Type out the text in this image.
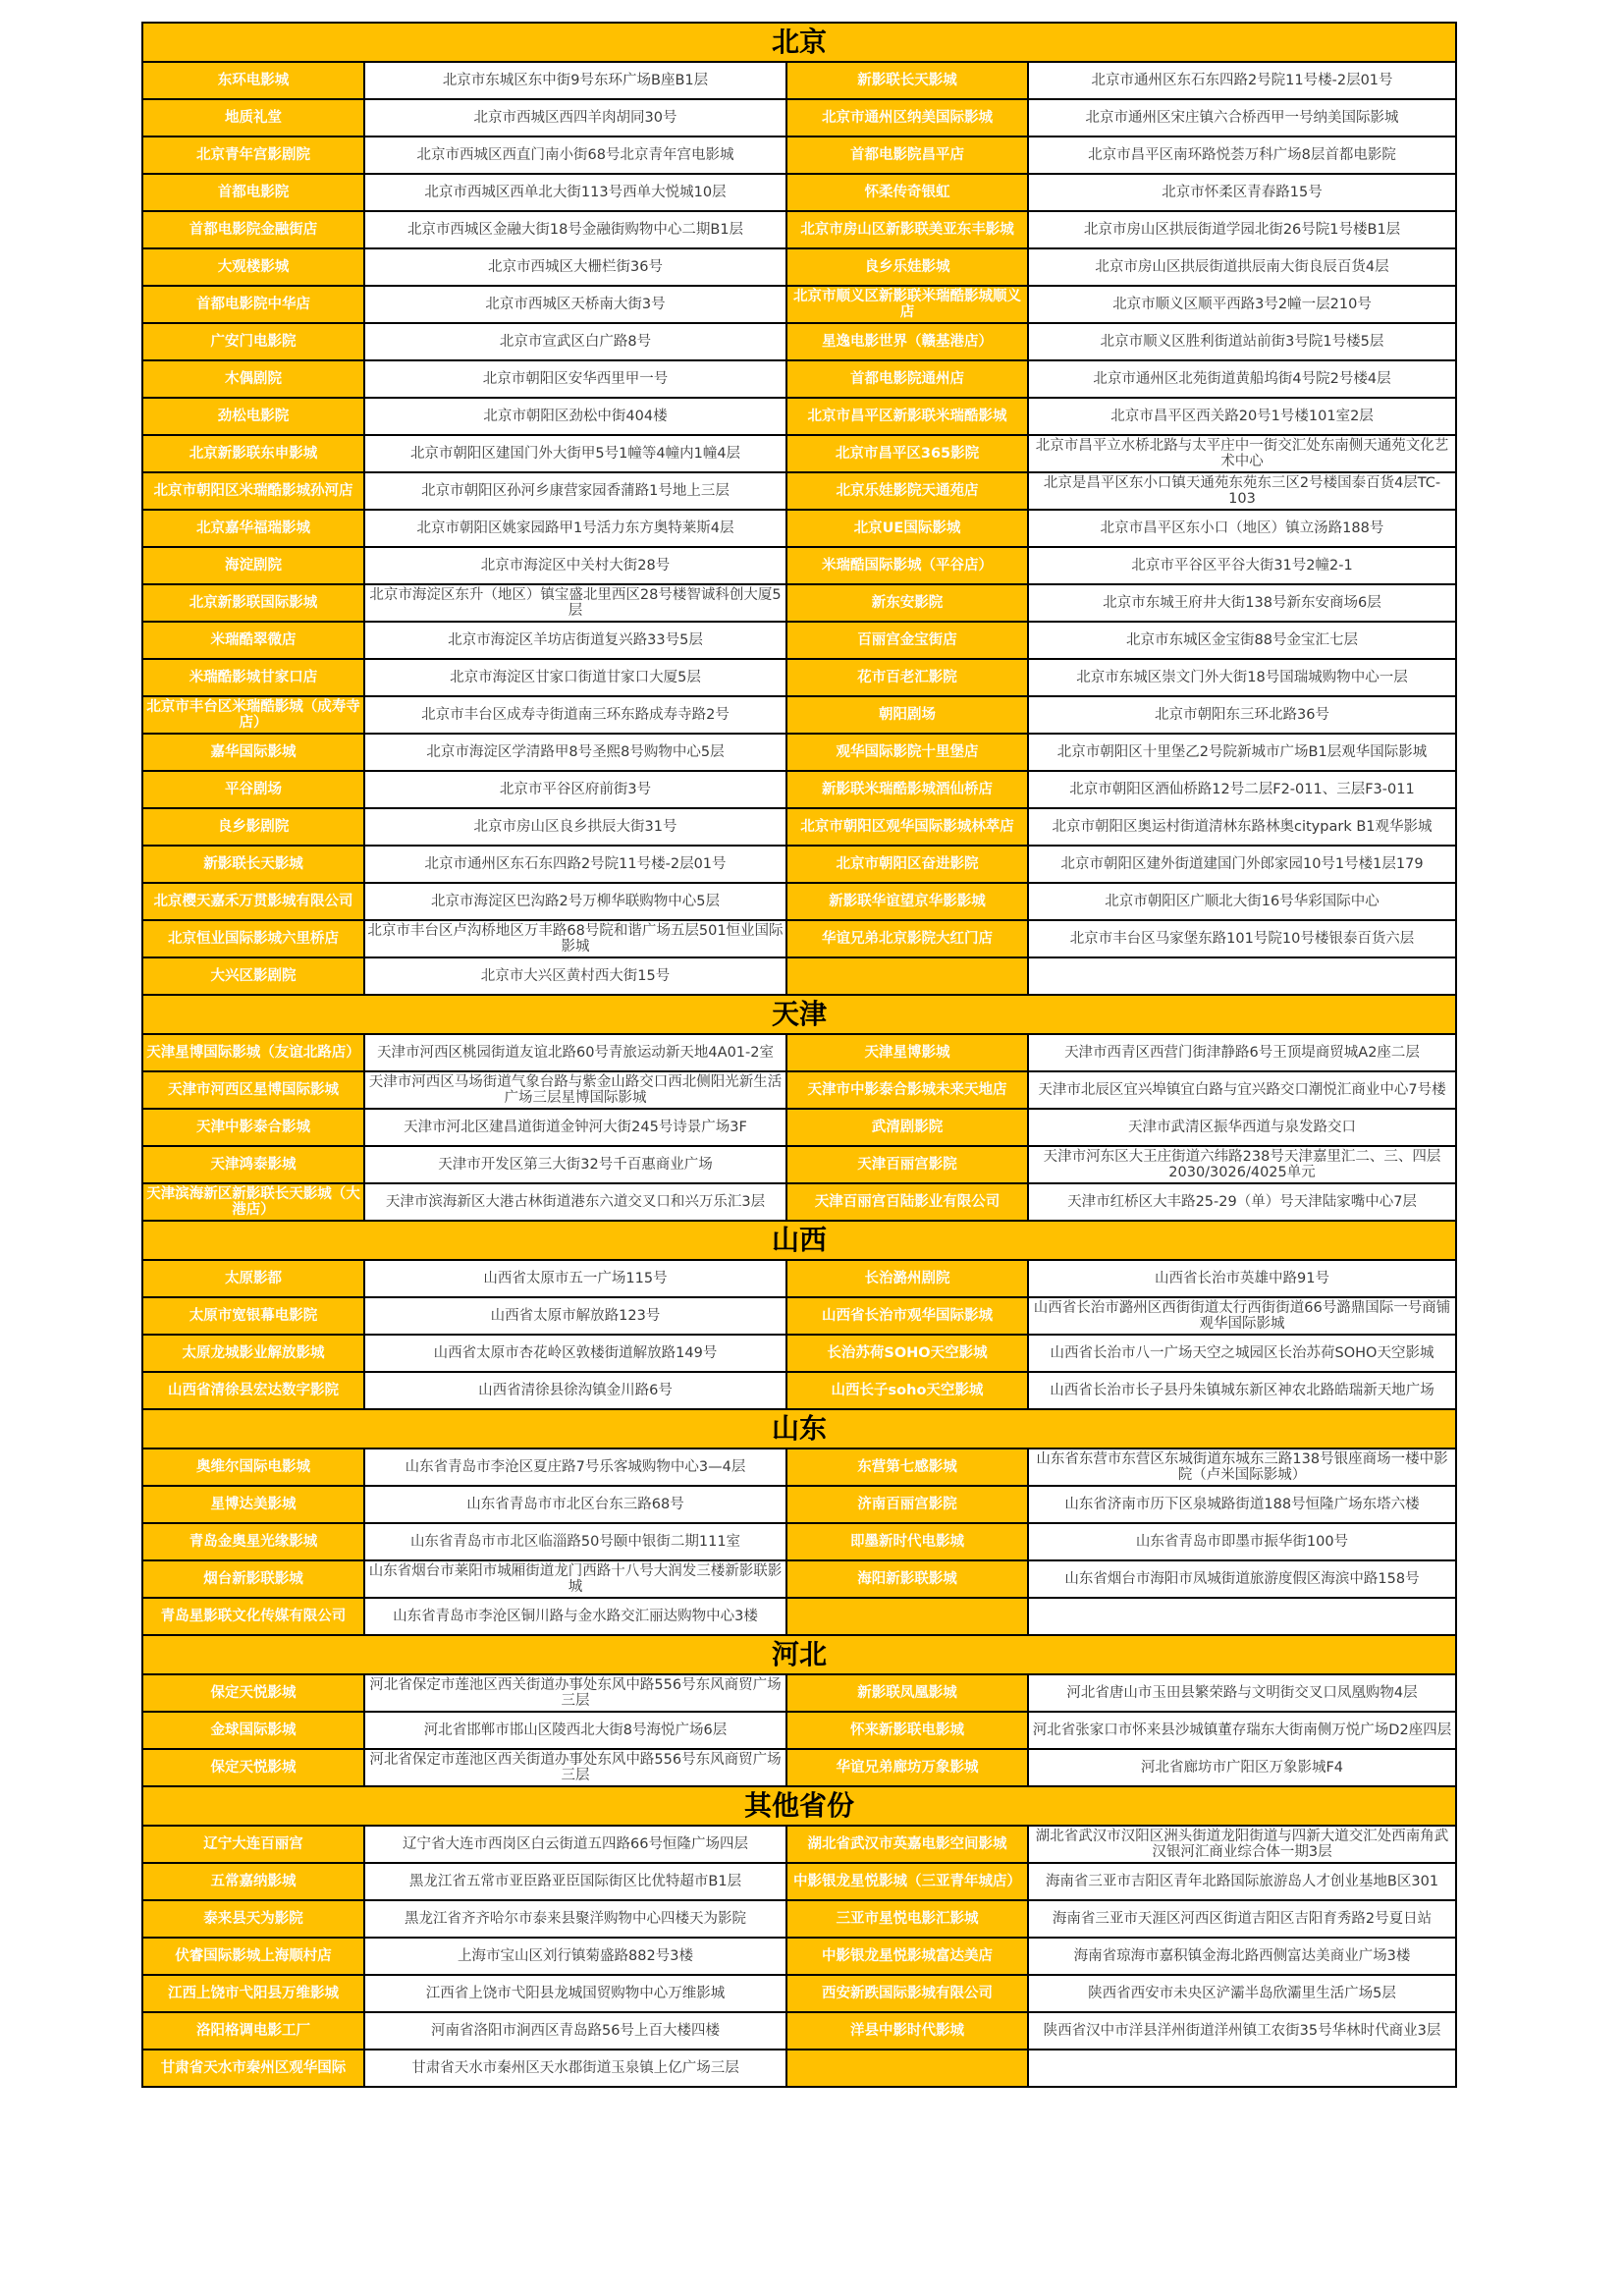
北京			
东环电影城	北京市东城区东中街9号东环广场B座B1层	新影联长天影城	北京市通州区东石东四路2号院11号楼-2层01号
地质礼堂	北京市西城区西四羊肉胡同30号	北京市通州区纳美国际影城	北京市通州区宋庄镇六合桥西甲一号纳美国际影城
北京青年宫影剧院	北京市西城区西直门南小街68号北京青年宫电影城	首都电影院昌平店	北京市昌平区南环路悦荟万科广场8层首都电影院
首都电影院	北京市西城区西单北大街113号西单大悦城10层	怀柔传奇银虹	北京市怀柔区青春路15号
首都电影院金融街店	北京市西城区金融大街18号金融街购物中心二期B1层	北京市房山区新影联美亚东丰影城	北京市房山区拱辰街道学园北街26号院1号楼B1层
大观楼影城	北京市西城区大栅栏街36号	良乡乐娃影城	北京市房山区拱辰街道拱辰南大街良辰百货4层
首都电影院中华店	北京市西城区天桥南大街3号	北京市顺义区新影联米瑞酷影城顺义店	北京市顺义区顺平西路3号2幢一层210号
广安门电影院	北京市宣武区白广路8号	星逸电影世界（赣基港店）	北京市顺义区胜利街道站前街3号院1号楼5层
木偶剧院	北京市朝阳区安华西里甲一号	首都电影院通州店	北京市通州区北苑街道黄船坞街4号院2号楼4层
劲松电影院	北京市朝阳区劲松中街404楼	北京市昌平区新影联米瑞酷影城	北京市昌平区西关路20号1号楼101室2层
北京新影联东申影城	北京市朝阳区建国门外大街甲5号1幢等4幢内1幢4层	北京市昌平区365影院	北京市昌平立水桥北路与太平庄中一街交汇处东南侧天通苑文化艺术中心
北京市朝阳区米瑞酷影城孙河店	北京市朝阳区孙河乡康营家园香蒲路1号地上三层	北京乐娃影院天通苑店	北京是昌平区东小口镇天通苑东苑东三区2号楼国泰百货4层TC-103
北京嘉华福瑞影城	北京市朝阳区姚家园路甲1号活力东方奥特莱斯4层	北京UE国际影城	北京市昌平区东小口（地区）镇立汤路188号
海淀剧院	北京市海淀区中关村大街28号	米瑞酷国际影城（平谷店）	北京市平谷区平谷大街31号2幢2-1
北京新影联国际影城	北京市海淀区东升（地区）镇宝盛北里西区28号楼智诚科创大厦5层	新东安影院	北京市东城王府井大街138号新东安商场6层
米瑞酷翠微店	北京市海淀区羊坊店街道复兴路33号5层	百丽宫金宝街店	北京市东城区金宝街88号金宝汇七层
米瑞酷影城甘家口店	北京市海淀区甘家口街道甘家口大厦5层	花市百老汇影院	北京市东城区崇文门外大街18号国瑞城购物中心一层
北京市丰台区米瑞酷影城（成寿寺店）	北京市丰台区成寿寺街道南三环东路成寿寺路2号	朝阳剧场	北京市朝阳东三环北路36号
嘉华国际影城	北京市海淀区学清路甲8号圣熙8号购物中心5层	观华国际影院十里堡店	北京市朝阳区十里堡乙2号院新城市广场B1层观华国际影城
平谷剧场	北京市平谷区府前街3号	新影联米瑞酷影城酒仙桥店	北京市朝阳区酒仙桥路12号二层F2-011、三层F3-011
良乡影剧院	北京市房山区良乡拱辰大街31号	北京市朝阳区观华国际影城林萃店	北京市朝阳区奥运村街道清林东路林奥citypark B1观华影城
新影联长天影城	北京市通州区东石东四路2号院11号楼-2层01号	北京市朝阳区奋进影院	北京市朝阳区建外街道建国门外郎家园10号1号楼1层179
北京樱天嘉禾万贯影城有限公司	北京市海淀区巴沟路2号万柳华联购物中心5层	新影联华谊望京华影影城	北京市朝阳区广顺北大街16号华彩国际中心
北京恒业国际影城六里桥店	北京市丰台区卢沟桥地区万丰路68号院和谐广场五层501恒业国际影城	华谊兄弟北京影院大红门店	北京市丰台区马家堡东路101号院10号楼银泰百货六层
大兴区影剧院	北京市大兴区黄村西大街15号		
天津			
天津星博国际影城（友谊北路店）	天津市河西区桃园街道友谊北路60号青旅运动新天地4A01-2室	天津星博影城	天津市西青区西营门街津静路6号王顶堤商贸城A2座二层
天津市河西区星博国际影城	天津市河西区马场街道气象台路与紫金山路交口西北侧阳光新生活广场三层星博国际影城	天津市中影泰合影城未来天地店	天津市北辰区宜兴埠镇宜白路与宜兴路交口潮悦汇商业中心7号楼
天津中影泰合影城	天津市河北区建昌道街道金钟河大街245号诗景广场3F	武清剧影院	天津市武清区振华西道与泉发路交口
天津鸿泰影城	天津市开发区第三大街32号千百惠商业广场	天津百丽宫影院	天津市河东区大王庄街道六纬路238号天津嘉里汇二、三、四层2030/3026/4025单元
天津滨海新区新影联长天影城（大港店）	天津市滨海新区大港古林街道港东六道交叉口和兴万乐汇3层	天津百丽宫百陆影业有限公司	天津市红桥区大丰路25-29（单）号天津陆家嘴中心7层
山西			
太原影都	山西省太原市五一广场115号	长治潞州剧院	山西省长治市英雄中路91号
太原市宽银幕电影院	山西省太原市解放路123号	山西省长治市观华国际影城	山西省长治市潞州区西街街道太行西街街道66号潞鼎国际一号商铺观华国际影城
太原龙城影业解放影城	山西省太原市杏花岭区敦楼街道解放路149号	长治苏荷SOHO天空影城	山西省长治市八一广场天空之城园区长治苏荷SOHO天空影城
山西省清徐县宏达数字影院	山西省清徐县徐沟镇金川路6号	山西长子soho天空影城	山西省长治市长子县丹朱镇城东新区神农北路皓瑞新天地广场
山东			
奥维尔国际电影城	山东省青岛市李沧区夏庄路7号乐客城购物中心3—4层	东营第七感影城	山东省东营市东营区东城街道东城东三路138号银座商场一楼中影院（卢米国际影城）
星博达美影城	山东省青岛市市北区台东三路68号	济南百丽宫影院	山东省济南市历下区泉城路街道188号恒隆广场东塔六楼
青岛金奥星光缘影城	山东省青岛市市北区临淄路50号颐中银街二期111室	即墨新时代电影城	山东省青岛市即墨市振华街100号
烟台新影联影城	山东省烟台市莱阳市城厢街道龙门西路十八号大润发三楼新影联影城	海阳新影联影城	山东省烟台市海阳市凤城街道旅游度假区海滨中路158号
青岛星影联文化传媒有限公司	山东省青岛市李沧区铜川路与金水路交汇丽达购物中心3楼		
河北			
保定天悦影城	河北省保定市莲池区西关街道办事处东风中路556号东风商贸广场三层	新影联凤凰影城	河北省唐山市玉田县繁荣路与文明街交叉口凤凰购物4层
金球国际影城	河北省邯郸市邯山区陵西北大街8号海悦广场6层	怀来新影联电影城	河北省张家口市怀来县沙城镇董存瑞东大街南侧万悦广场D2座四层
保定天悦影城	河北省保定市莲池区西关街道办事处东风中路556号东风商贸广场三层	华谊兄弟廊坊万象影城	河北省廊坊市广阳区万象影城F4
其他省份			
辽宁大连百丽宫	辽宁省大连市西岗区白云街道五四路66号恒隆广场四层	湖北省武汉市英嘉电影空间影城	湖北省武汉市汉阳区洲头街道龙阳街道与四新大道交汇处西南角武汉银河汇商业综合体一期3层
五常嘉纳影城	黑龙江省五常市亚臣路亚臣国际街区比优特超市B1层	中影银龙星悦影城（三亚青年城店）	海南省三亚市吉阳区青年北路国际旅游岛人才创业基地B区301
泰来县天为影院	黑龙江省齐齐哈尔市泰来县聚洋购物中心四楼天为影院	三亚市星悦电影汇影城	海南省三亚市天涯区河西区街道吉阳区吉阳育秀路2号夏日站
伏睿国际影城上海顺村店	上海市宝山区刘行镇菊盛路882号3楼	中影银龙星悦影城富达美店	海南省琼海市嘉积镇金海北路西侧富达美商业广场3楼
江西上饶市弋阳县万维影城	江西省上饶市弋阳县龙城国贸购物中心万维影城	西安新跌国际影城有限公司	陕西省西安市未央区浐灞半岛欣灞里生活广场5层
洛阳格调电影工厂	河南省洛阳市涧西区青岛路56号上百大楼四楼	洋县中影时代影城	陕西省汉中市洋县洋州街道洋州镇工农街35号华林时代商业3层
甘肃省天水市秦州区观华国际	甘肃省天水市秦州区天水郡街道玉泉镇上亿广场三层		
